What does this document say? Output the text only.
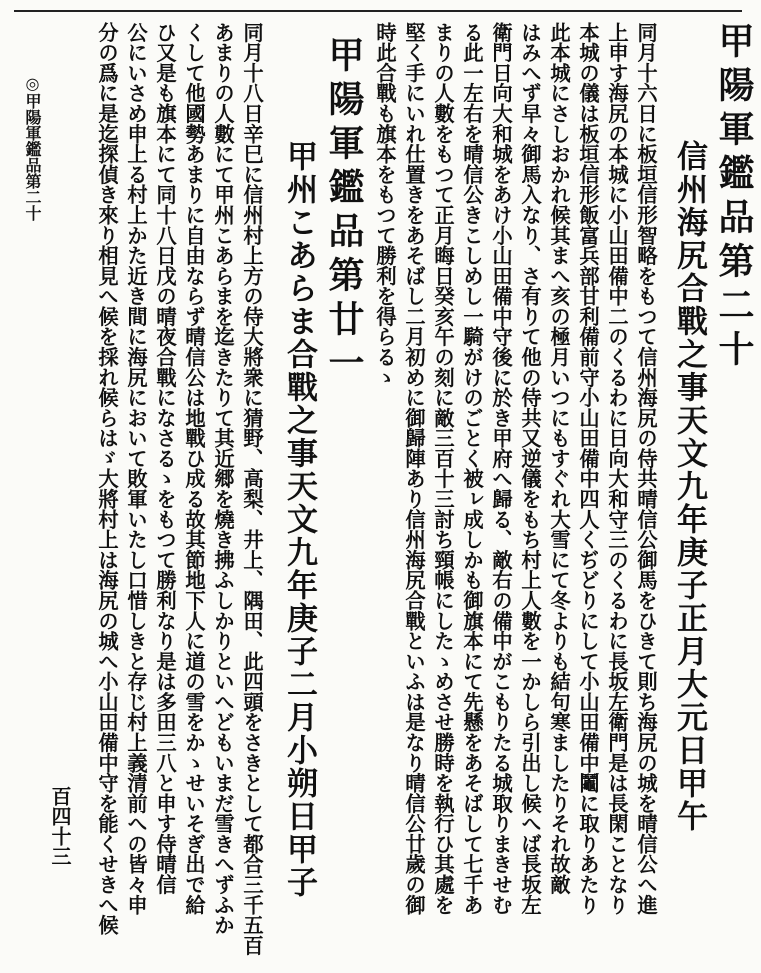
甲陽軍鑑品第二十
信州海尻合戰之事天文九年庚子正月大元日甲午
同月十六日に板垣信形智略をもつて信州海尻の侍共晴信公御馬をひきて則ち海尻の城を晴信公へ進
上申す海尻の本城に小山田備中二のくるわに日向大和守三のくるわに長坂左衛門是は長閑ことなり
本城の儀は板垣信形飯富兵部甘利備前守小山田備中四人くぢどりにして小山田備中鬮に取りあたり
此本城にさしおかれ候其まへ亥の極月いつにもすぐれ大雪にて冬よりも結句寒ましたりそれ故敵
はみへず早々御馬入なり、さ有りて他の侍共又逆儀をもち村上人數を一かしら引出し候へば長坂左
衛門日向大和城をあけ小山田備中守後に於き甲府へ歸る、敵右の備中がこもりたる城取りまきせむ
る此一左右を晴信公きこしめし一騎がけのごとく被ㇾ成しかも御旗本にて先懸をあそばして七千あ
まりの人數をもつて正月晦日癸亥午の刻に敵三百十三討ち頸帳にしたゝめさせ勝時を執行ひ其處を
堅く手にいれ仕置きをあそばし二月初めに御歸陣あり信州海尻合戰といふは是なり晴信公廿歲の御
時此合戰も旗本をもつて勝利を得らるゝ
甲陽軍鑑品第廿一
甲州こあらま合戰之事天文九年庚子二月小朔日甲子
同月十八日辛巳に信州村上方の侍大將衆に猜野、高梨、井上、隅田、此四頭をさきとして都合三千五百
あまりの人數にて甲州こあらまを迄きたりて其近郷を燒き拂ふしかりといへどもいまだ雪きへずふか
くして他國勢あまりに自由ならず晴信公は地戰ひ成る故其節地下人に道の雪をかゝせいそぎ出で給
ひ又是も旗本にて同十八日戊の晴夜合戰になさるゝをもつて勝利なり是は多田三八と申す侍晴信
公にいさめ申上る村上かた近き間に海尻において敗軍いたし口惜しきと存じ村上義清前への皆々申
分の爲に是迄探偵き來り相見へ候を採れ候らはゞ大將村上は海尻の城へ小山田備中守を能くせきへ候
◎甲陽軍鑑品第二十
百四十三
